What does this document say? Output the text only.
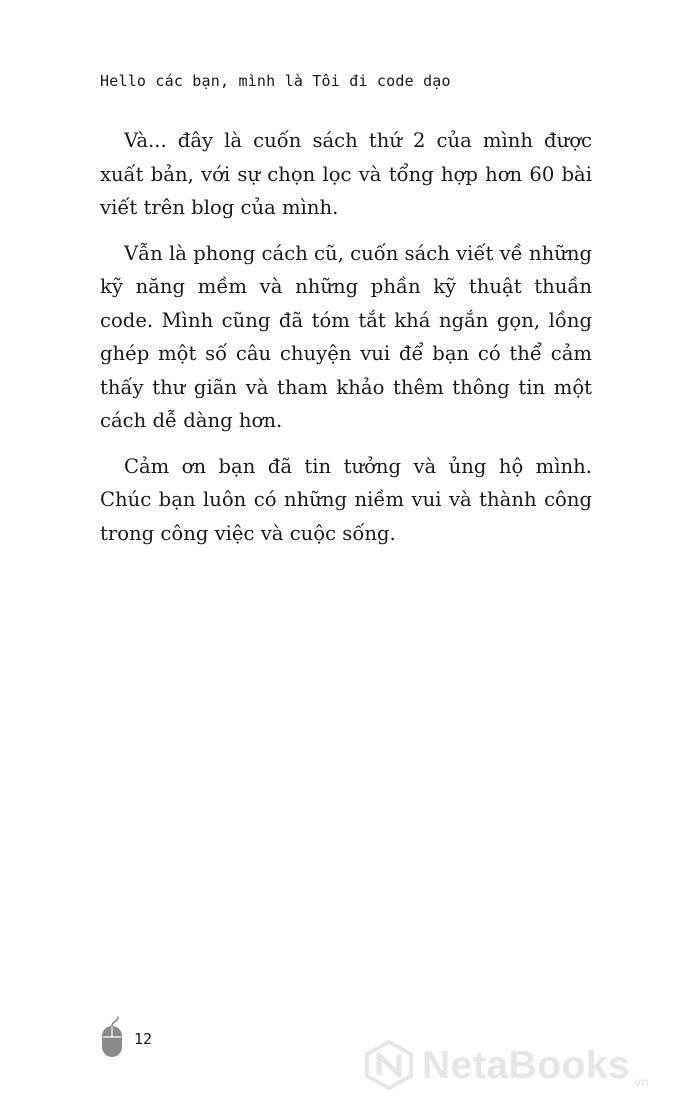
Hello các bạn, mình là Tôi đi code dạo

Và... đây là cuốn sách thứ 2 của mình được xuất bản, với sự chọn lọc và tổng hợp hơn 60 bài viết trên blog của mình.

Vẫn là phong cách cũ, cuốn sách viết về những kỹ năng mềm và những phần kỹ thuật thuần code. Mình cũng đã tóm tắt khá ngắn gọn, lồng ghép một số câu chuyện vui để bạn có thể cảm thấy thư giãn và tham khảo thêm thông tin một cách dễ dàng hơn.

Cảm ơn bạn đã tin tưởng và ủng hộ mình. Chúc bạn luôn có những niềm vui và thành công trong công việc và cuộc sống.

12
NetaBooks$_{.vn}$
